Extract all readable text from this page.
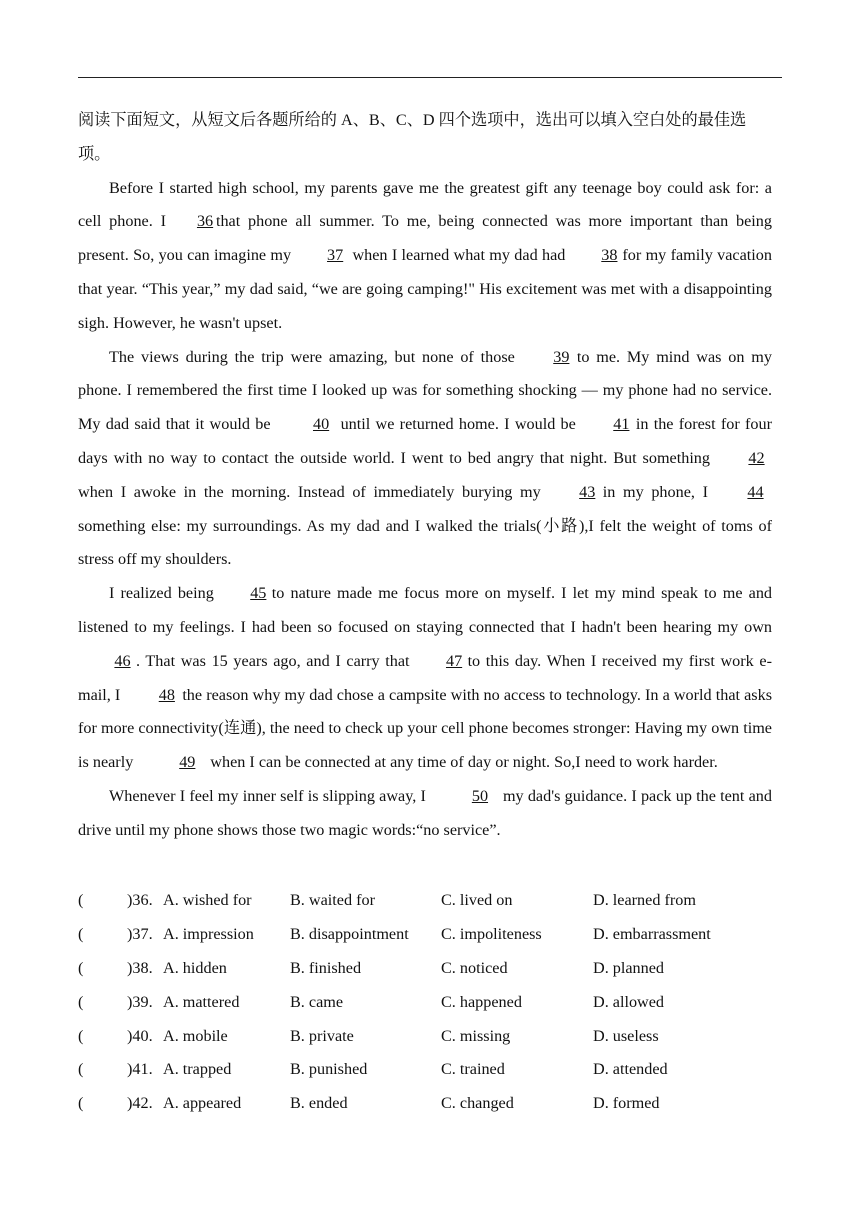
阅读下面短文，从短文后各题所给的 A、B、C、D 四个选项中，选出可以填入空白处的最佳选项。

Before I started high school, my parents gave me the greatest gift any teenage boy could ask for: a cell phone. I36that phone all summer. To me, being connected was more important than being present. So, you can imagine my 37 when I learned what my dad had 38 for my family vacation that year. “This year,” my dad said, “we are going camping!" His excitement was met with a disappointing sigh. However, he wasn't upset.

The views during the trip were amazing, but none of those 39 to me. My mind was on my phone. I remembered the first time I looked up was for something shocking — my phone had no service. My dad said that it would be	40 until we returned home. I would be 41 in the forest for four days with no way to contact the outside world. I went to bed angry that night. But something 42when I awoke in the morning. Instead of immediately burying my 43 in my phone, I 44something else: my surroundings. As my dad and I walked the trials(小路),I felt the weight of toms of stress off my shoulders.

I realized being 45 to nature made me focus more on myself. I let my mind speak to me and listened to my feelings. I had been so focused on staying connected that I hadn't been hearing my own46 . That was 15 years ago, and I carry that 47 to this day. When I received my first work e-mail, I 48 the reason why my dad chose a campsite with no access to technology. In a world that asks for more connectivity(连通), the need to check up your cell phone becomes stronger: Having my own time is nearly	49 when I can be connected at any time of day or night. So,I need to work harder.

Whenever I feel my inner self is slipping away, I	50 my dad's guidance. I pack up the tent and drive until my phone shows those two magic words:“no service”.

(	)36. A. wished for B. waited for	C. lived on	D. learned from
(	)37. A. impression B. disappointment C. impoliteness	D. embarrassment
(	)38. A. hidden	B. finished	C. noticed	D. planned
(	)39. A. mattered	B. came	C. happened	D. allowed
(	)40. A. mobile	B. private	C. missing	D. useless
(	)41. A. trapped	B. punished	C. trained	D. attended
(	)42. A. appeared	B. ended	C. changed	D. formed
